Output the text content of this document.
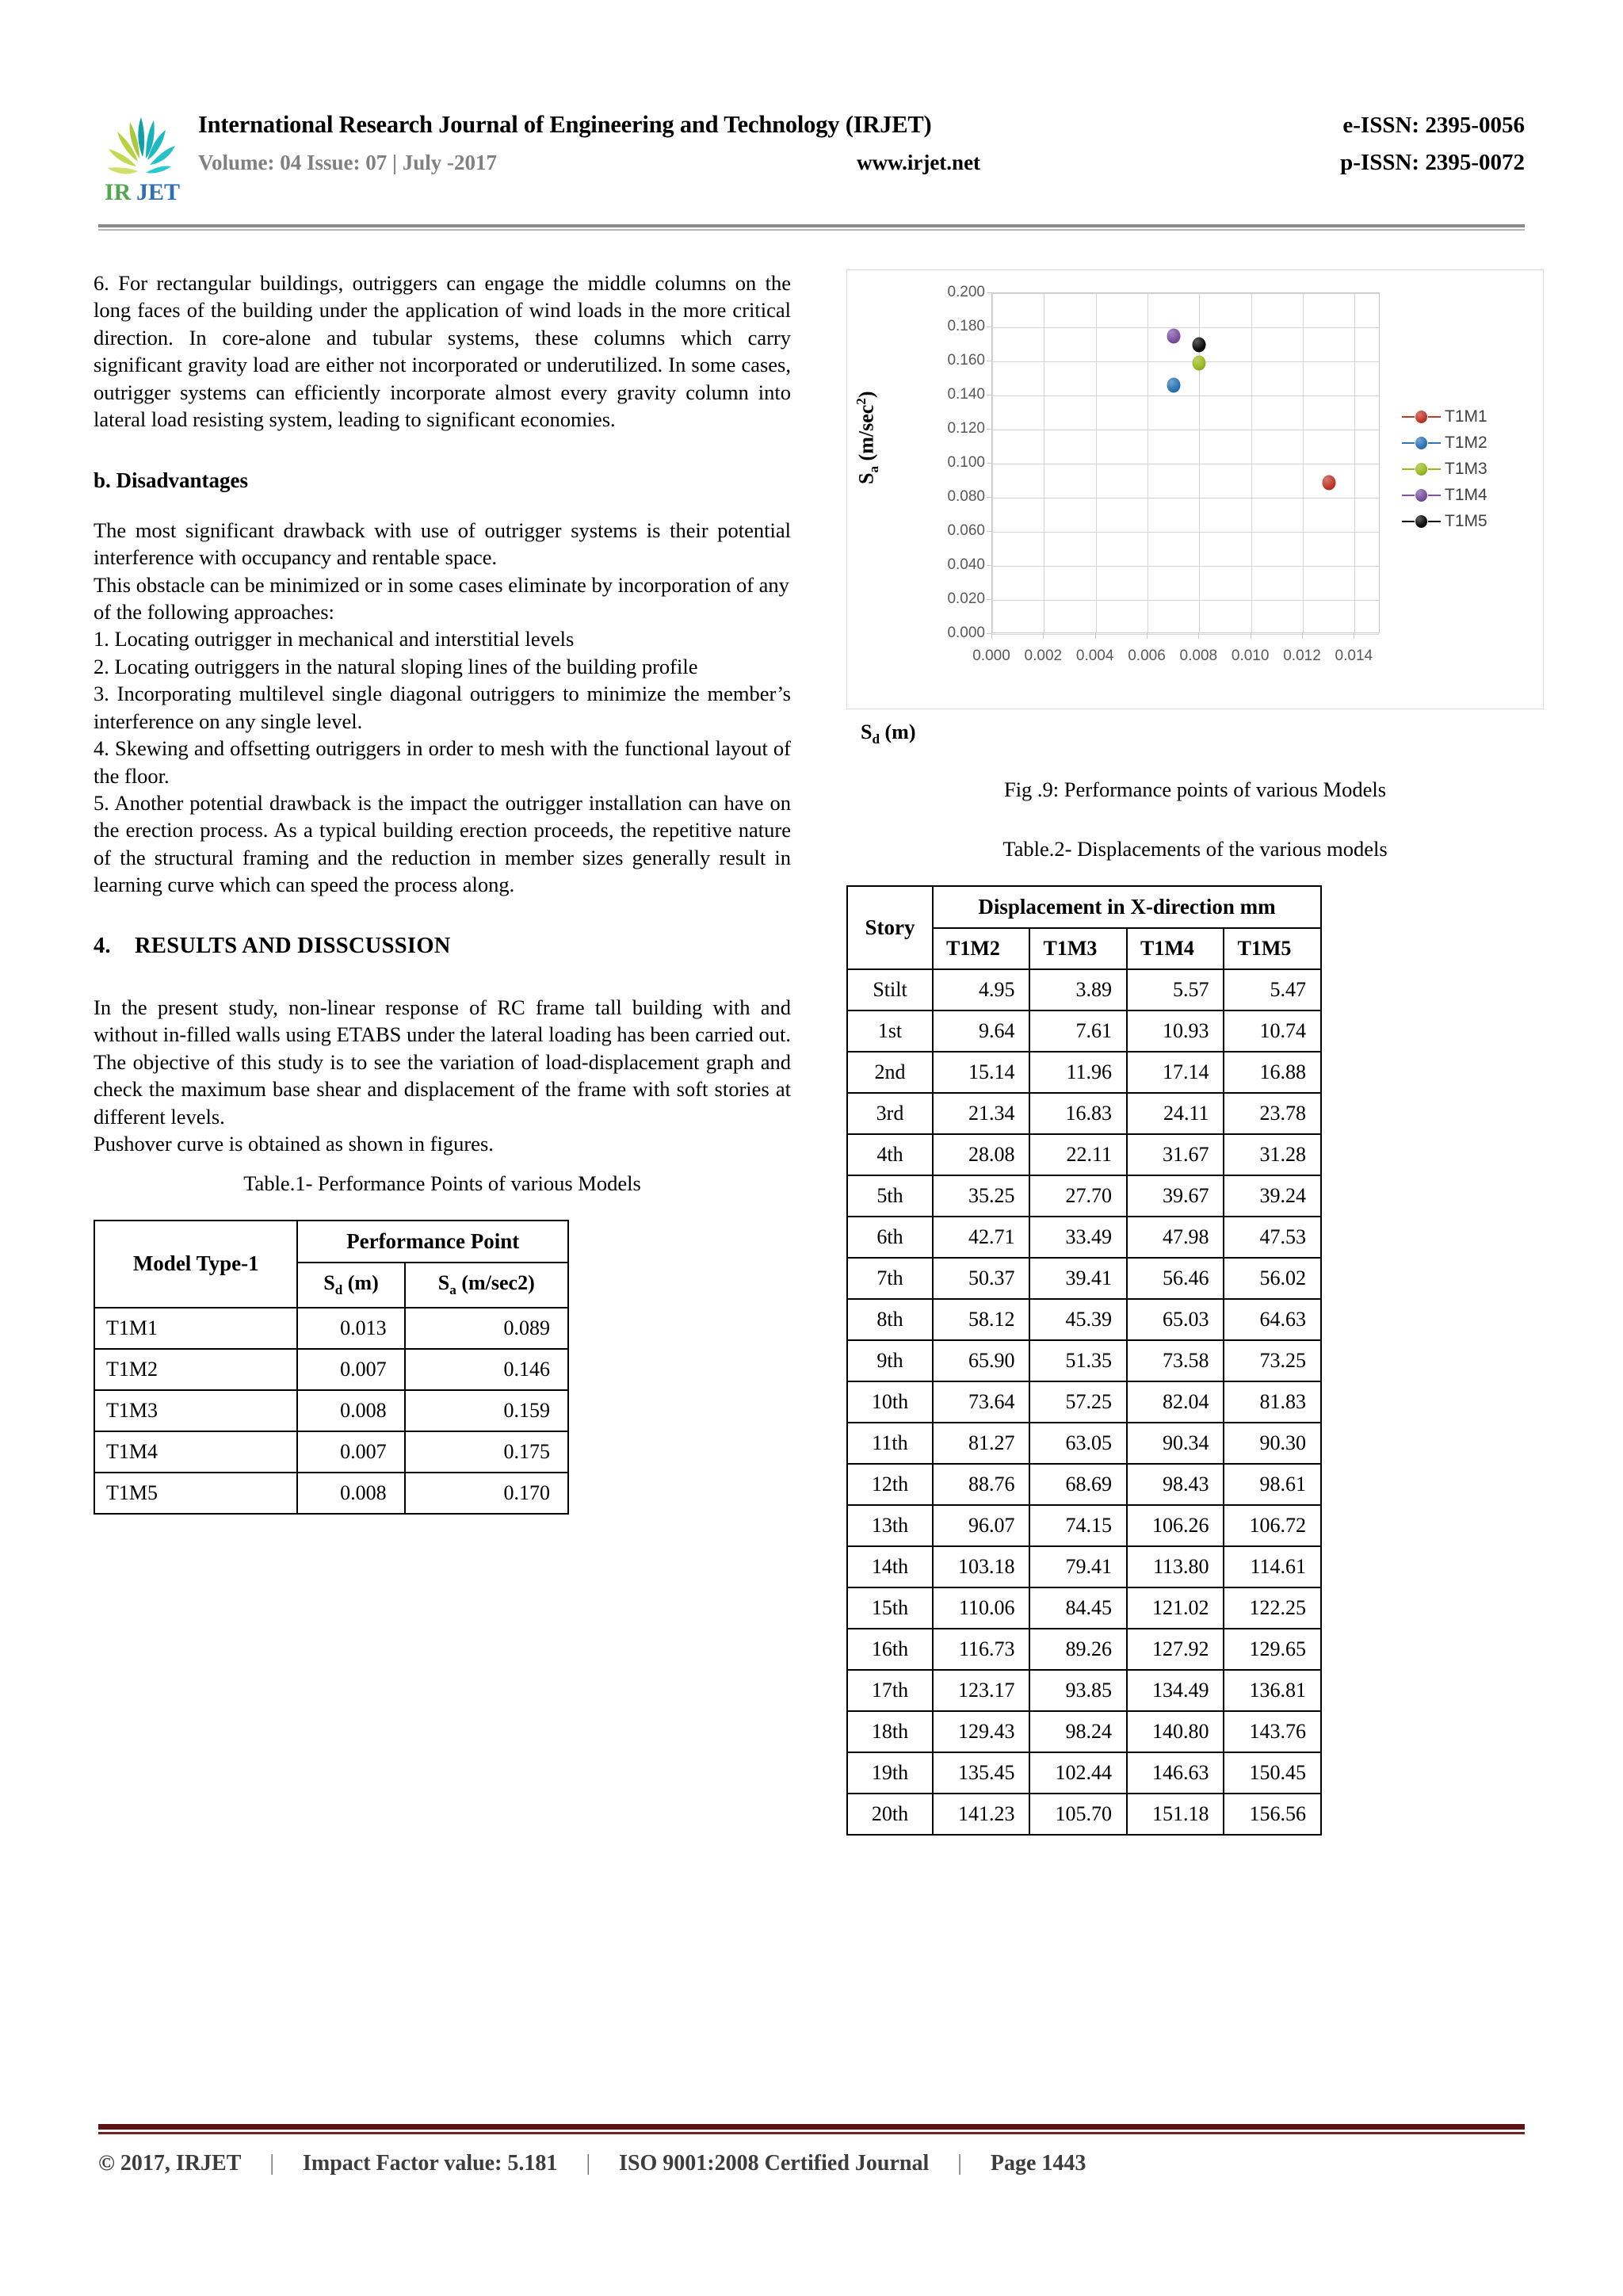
IR J ET
International Research Journal of Engineering and Technology (IRJET)	e-ISSN: 2395-0056
Volume: 04 Issue: 07 | July -2017	www.irjet.net	p-ISSN: 2395-0072

6. For rectangular buildings, outriggers can engage the middle columns on the long faces of the building under the application of wind loads in the more critical direction. In core-alone and tubular systems, these columns which carry significant gravity load are either not incorporated or underutilized. In some cases, outrigger systems can efficiently incorporate almost every gravity column into lateral load resisting system, leading to significant economies.

b. Disadvantages

The most significant drawback with use of outrigger systems is their potential interference with occupancy and rentable space.

This obstacle can be minimized or in some cases eliminate by incorporation of any of the following approaches:

1. Locating outrigger in mechanical and interstitial levels

2. Locating outriggers in the natural sloping lines of the building profile

3. Incorporating multilevel single diagonal outriggers to minimize the member’s interference on any single level.

4. Skewing and offsetting outriggers in order to mesh with the functional layout of the floor.

5. Another potential drawback is the impact the outrigger installation can have on the erection process. As a typical building erection proceeds, the repetitive nature of the structural framing and the reduction in member sizes generally result in learning curve which can speed the process along.

4. RESULTS AND DISSCUSSION

In the present study, non-linear response of RC frame tall building with and without in-filled walls using ETABS under the lateral loading has been carried out. The objective of this study is to see the variation of load-displacement graph and check the maximum base shear and displacement of the frame with soft stories at different levels.

Pushover curve is obtained as shown in figures.

Table.1- Performance Points of various Models

Model Type-1	Performance Point	
	$S_d$ (m)	$S_a$ (m/sec2)
T1M1	0.013	0.089
T1M2	0.007	0.146
T1M3	0.008	0.159
T1M4	0.007	0.175
T1M5	0.008	0.170
0.000
0.020
0.040
0.060
0.080
0.100
0.120
0.140
0.160
0.180
0.200
0.000 0.002 0.004 0.006 0.008 0.010 0.012 0.014
T1M1
T1M2
T1M3
T1M4
T1M5
$S_a$ $(m/\sec^2)$
$S_d$ (m)

Fig .9: Performance points of various Models

Table.2- Displacements of the various models

Story	Displacement in X-direction mm			
	T1M2	T1M3	T1M4	T1M5
Stilt	4.95	3.89	5.57	5.47
1st	9.64	7.61	10.93	10.74
2nd	15.14	11.96	17.14	16.88
3rd	21.34	16.83	24.11	23.78
4th	28.08	22.11	31.67	31.28
5th	35.25	27.70	39.67	39.24
6th	42.71	33.49	47.98	47.53
7th	50.37	39.41	56.46	56.02
8th	58.12	45.39	65.03	64.63
9th	65.90	51.35	73.58	73.25
10th	73.64	57.25	82.04	81.83
11th	81.27	63.05	90.34	90.30
12th	88.76	68.69	98.43	98.61
13th	96.07	74.15	106.26	106.72
14th	103.18	79.41	113.80	114.61
15th	110.06	84.45	121.02	122.25
16th	116.73	89.26	127.92	129.65
17th	123.17	93.85	134.49	136.81
18th	129.43	98.24	140.80	143.76
19th	135.45	102.44	146.63	150.45
20th	141.23	105.70	151.18	156.56
© 2017, IRJET | Impact Factor value: 5.181 | ISO 9001:2008 Certified Journal | Page 1443
